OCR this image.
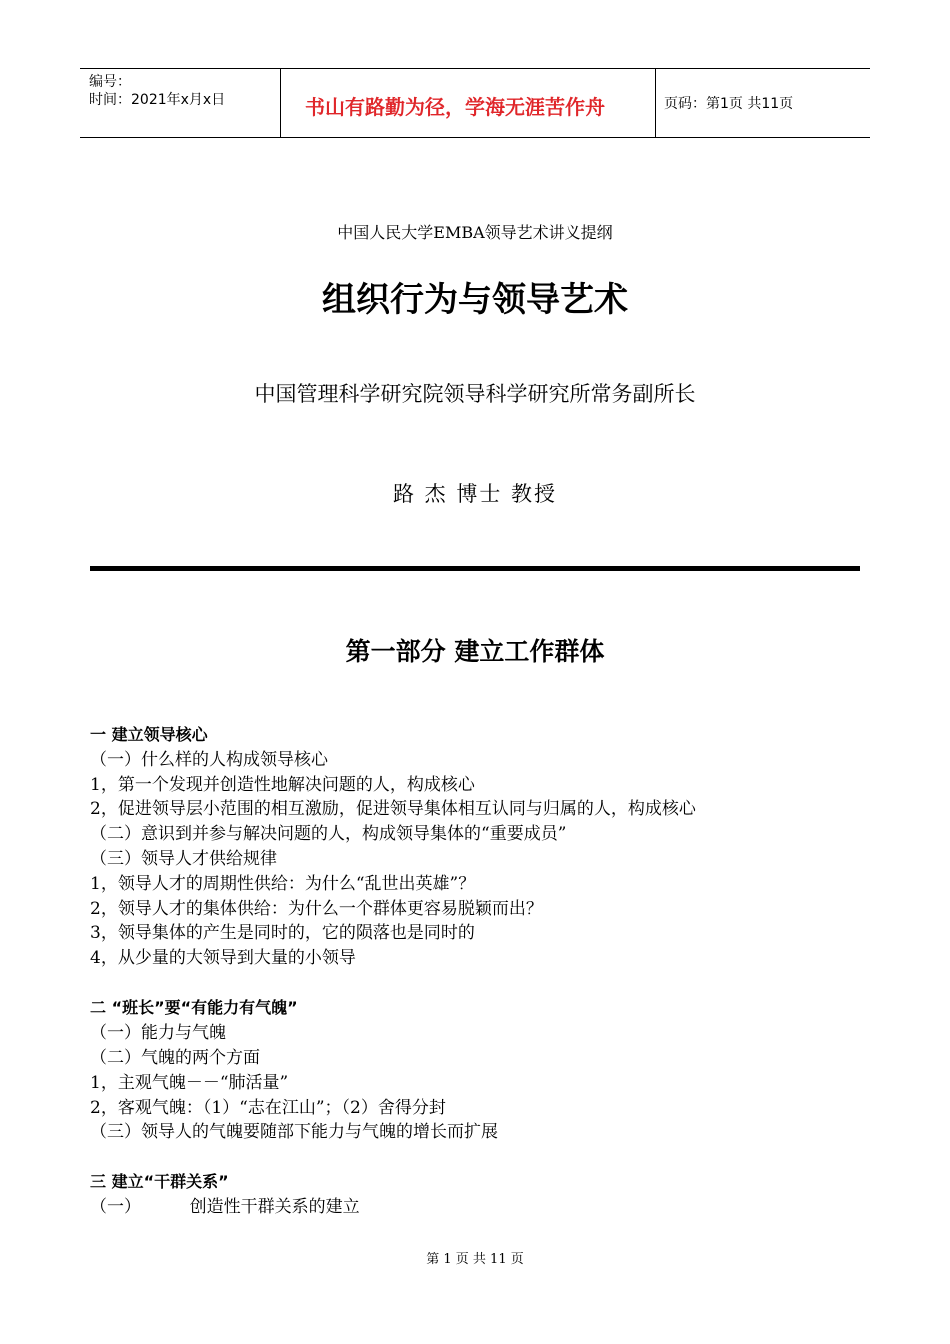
编号：
时间：2021年x月x日	书山有路勤为径，学海无涯苦作舟	页码：第1页 共11页
中国人民大学EMBA领导艺术讲义提纲
组织行为与领导艺术
中国管理科学研究院领导科学研究所常务副所长
路 杰 博士 教授
第一部分 建立工作群体
一 建立领导核心
（一）什么样的人构成领导核心
1，第一个发现并创造性地解决问题的人，构成核心
2，促进领导层小范围的相互激励，促进领导集体相互认同与归属的人，构成核心
（二）意识到并参与解决问题的人，构成领导集体的“重要成员”
（三）领导人才供给规律
1，领导人才的周期性供给：为什么“乱世出英雄”？
2，领导人才的集体供给：为什么一个群体更容易脱颖而出？
3，领导集体的产生是同时的，它的陨落也是同时的
4，从少量的大领导到大量的小领导
二 “班长”要“有能力有气魄”
（一）能力与气魄
（二）气魄的两个方面
1，主观气魄－－“肺活量”
2，客观气魄：（1）“志在江山”；（2）舍得分封
（三）领导人的气魄要随部下能力与气魄的增长而扩展
三 建立“干群关系”
（一）         创造性干群关系的建立
第 1 页 共 11 页
